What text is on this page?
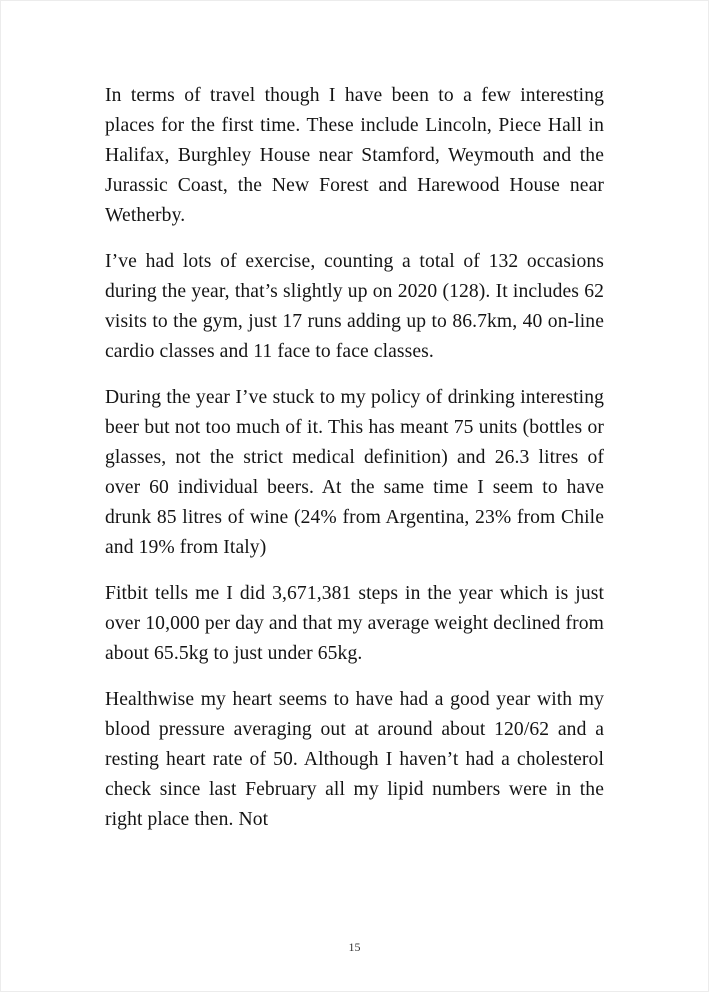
In terms of travel though I have been to a few interesting places for the first time. These include Lincoln, Piece Hall in Halifax, Burghley House near Stamford, Weymouth and the Jurassic Coast, the New Forest and Harewood House near Wetherby.

I’ve had lots of exercise, counting a total of 132 occasions during the year, that’s slightly up on 2020 (128). It includes 62 visits to the gym, just 17 runs adding up to 86.7km, 40 on-line cardio classes and 11 face to face classes.

During the year I’ve stuck to my policy of drinking interesting beer but not too much of it. This has meant 75 units (bottles or glasses, not the strict medical definition) and 26.3 litres of over 60 individual beers. At the same time I seem to have drunk 85 litres of wine (24% from Argentina, 23% from Chile and 19% from Italy)

Fitbit tells me I did 3,671,381 steps in the year which is just over 10,000 per day and that my average weight declined from about 65.5kg to just under 65kg.

Healthwise my heart seems to have had a good year with my blood pressure averaging out at around about 120/62 and a resting heart rate of 50. Although I haven’t had a cholesterol check since last February all my lipid numbers were in the right place then. Not

15
